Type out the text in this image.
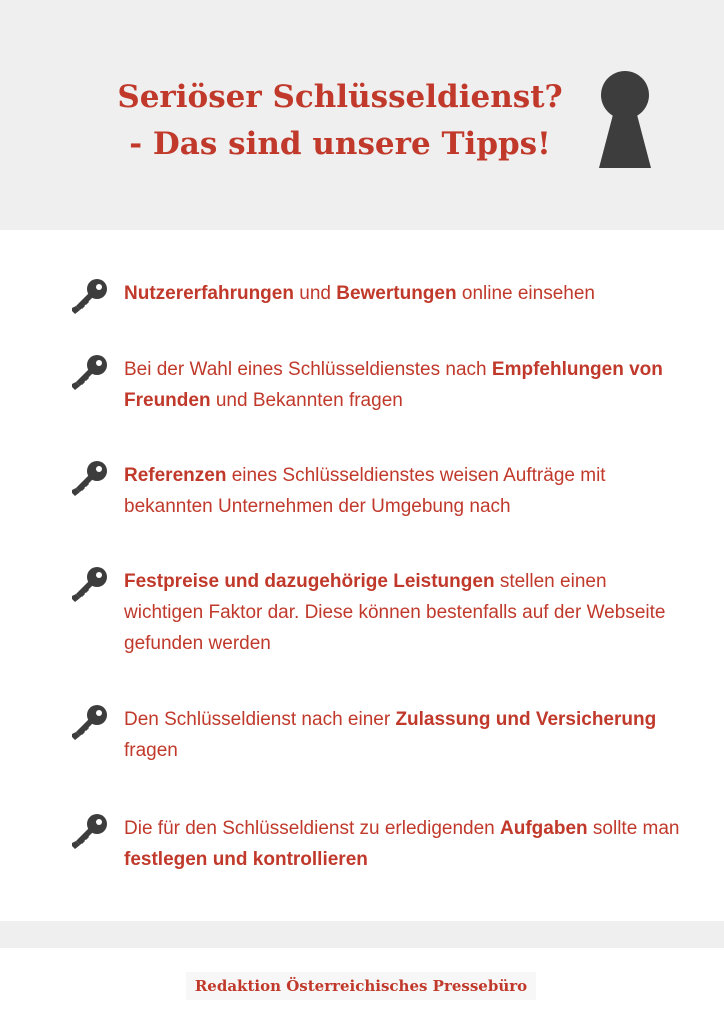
Seriöser Schlüsseldienst?
- Das sind unsere Tipps!
Nutzererfahrungen und Bewertungen online einsehen
Bei der Wahl eines Schlüsseldienstes nach Empfehlungen von Freunden und Bekannten fragen
Referenzen eines Schlüsseldienstes weisen Aufträge mit bekannten Unternehmen der Umgebung nach
Festpreise und dazugehörige Leistungen stellen einen wichtigen Faktor dar. Diese können bestenfalls auf der Webseite gefunden werden
Den Schlüsseldienst nach einer Zulassung und Versicherung fragen
Die für den Schlüsseldienst zu erledigenden Aufgaben sollte man festlegen und kontrollieren
Redaktion Österreichisches Pressebüro
